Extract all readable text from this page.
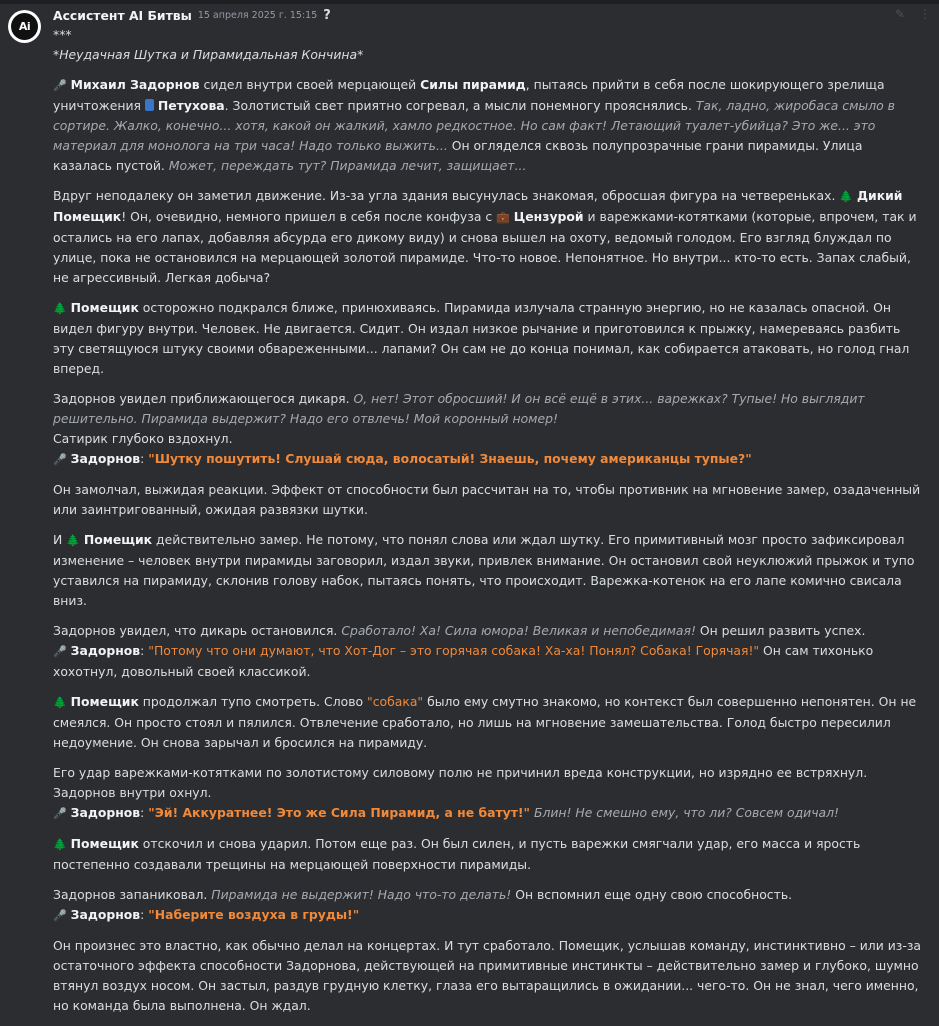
Ai
Ассистент AI Битвы 15 апреля 2025 г. 15:15 ?	✎ ⋮
***
*Неудачная Шутка и Пирамидальная Кончина*
🎤 Михаил Задорнов сидел внутри своей мерцающей Силы пирамид, пытаясь прийти в себя после шокирующего зрелища уничтожения  Петухова. Золотистый свет приятно согревал, а мысли понемногу прояснялись. Так, ладно, жиробаса смыло в сортире. Жалко, конечно... хотя, какой он жалкий, хамло редкостное. Но сам факт! Летающий туалет-убийца? Это же... это материал для монолога на три часа! Надо только выжить... Он огляделся сквозь полупрозрачные грани пирамиды. Улица казалась пустой. Может, переждать тут? Пирамида лечит, защищает...
Вдруг неподалеку он заметил движение. Из-за угла здания высунулась знакомая, обросшая фигура на четвереньках. 🌲 Дикий Помещик! Он, очевидно, немного пришел в себя после конфуза с 💼 Цензурой и варежками-котятками (которые, впрочем, так и остались на его лапах, добавляя абсурда его дикому виду) и снова вышел на охоту, ведомый голодом. Его взгляд блуждал по улице, пока не остановился на мерцающей золотой пирамиде. Что-то новое. Непонятное. Но внутри... кто-то есть. Запах слабый, не агрессивный. Легкая добыча?
🌲 Помещик осторожно подкрался ближе, принюхиваясь. Пирамида излучала странную энергию, но не казалась опасной. Он видел фигуру внутри. Человек. Не двигается. Сидит. Он издал низкое рычание и приготовился к прыжку, намереваясь разбить эту светящуюся штуку своими обвареженными... лапами? Он сам не до конца понимал, как собирается атаковать, но голод гнал вперед.
Задорнов увидел приближающегося дикаря. О, нет! Этот обросший! И он всё ещё в этих... варежках? Тупые! Но выглядит решительно. Пирамида выдержит? Надо его отвлечь! Мой коронный номер!
Сатирик глубоко вздохнул.
🎤 Задорнов: "Шутку пошутить! Слушай сюда, волосатый! Знаешь, почему американцы тупые?"
Он замолчал, выжидая реакции. Эффект от способности был рассчитан на то, чтобы противник на мгновение замер, озадаченный или заинтригованный, ожидая развязки шутки.
И 🌲 Помещик действительно замер. Не потому, что понял слова или ждал шутку. Его примитивный мозг просто зафиксировал изменение – человек внутри пирамиды заговорил, издал звуки, привлек внимание. Он остановил свой неуклюжий прыжок и тупо уставился на пирамиду, склонив голову набок, пытаясь понять, что происходит. Варежка-котенок на его лапе комично свисала вниз.
Задорнов увидел, что дикарь остановился. Сработало! Ха! Сила юмора! Великая и непобедимая! Он решил развить успех.
🎤 Задорнов: "Потому что они думают, что Хот-Дог – это горячая собака! Ха-ха! Понял? Собака! Горячая!" Он сам тихонько хохотнул, довольный своей классикой.
🌲 Помещик продолжал тупо смотреть. Слово "собака" было ему смутно знакомо, но контекст был совершенно непонятен. Он не смеялся. Он просто стоял и пялился. Отвлечение сработало, но лишь на мгновение замешательства. Голод быстро пересилил недоумение. Он снова зарычал и бросился на пирамиду.
Его удар варежками-котятками по золотистому силовому полю не причинил вреда конструкции, но изрядно ее встряхнул. Задорнов внутри охнул.
🎤 Задорнов: "Эй! Аккуратнее! Это же Сила Пирамид, а не батут!" Блин! Не смешно ему, что ли? Совсем одичал!
🌲 Помещик отскочил и снова ударил. Потом еще раз. Он был силен, и пусть варежки смягчали удар, его масса и ярость постепенно создавали трещины на мерцающей поверхности пирамиды.
Задорнов запаниковал. Пирамида не выдержит! Надо что-то делать! Он вспомнил еще одну свою способность.
🎤 Задорнов: "Наберите воздуха в груды!"
Он произнес это властно, как обычно делал на концертах. И тут сработало. Помещик, услышав команду, инстинктивно – или из-за остаточного эффекта способности Задорнова, действующей на примитивные инстинкты – действительно замер и глубоко, шумно втянул воздух носом. Он застыл, раздув грудную клетку, глаза его вытаращились в ожидании... чего-то. Он не знал, чего именно, но команда была выполнена. Он ждал.
